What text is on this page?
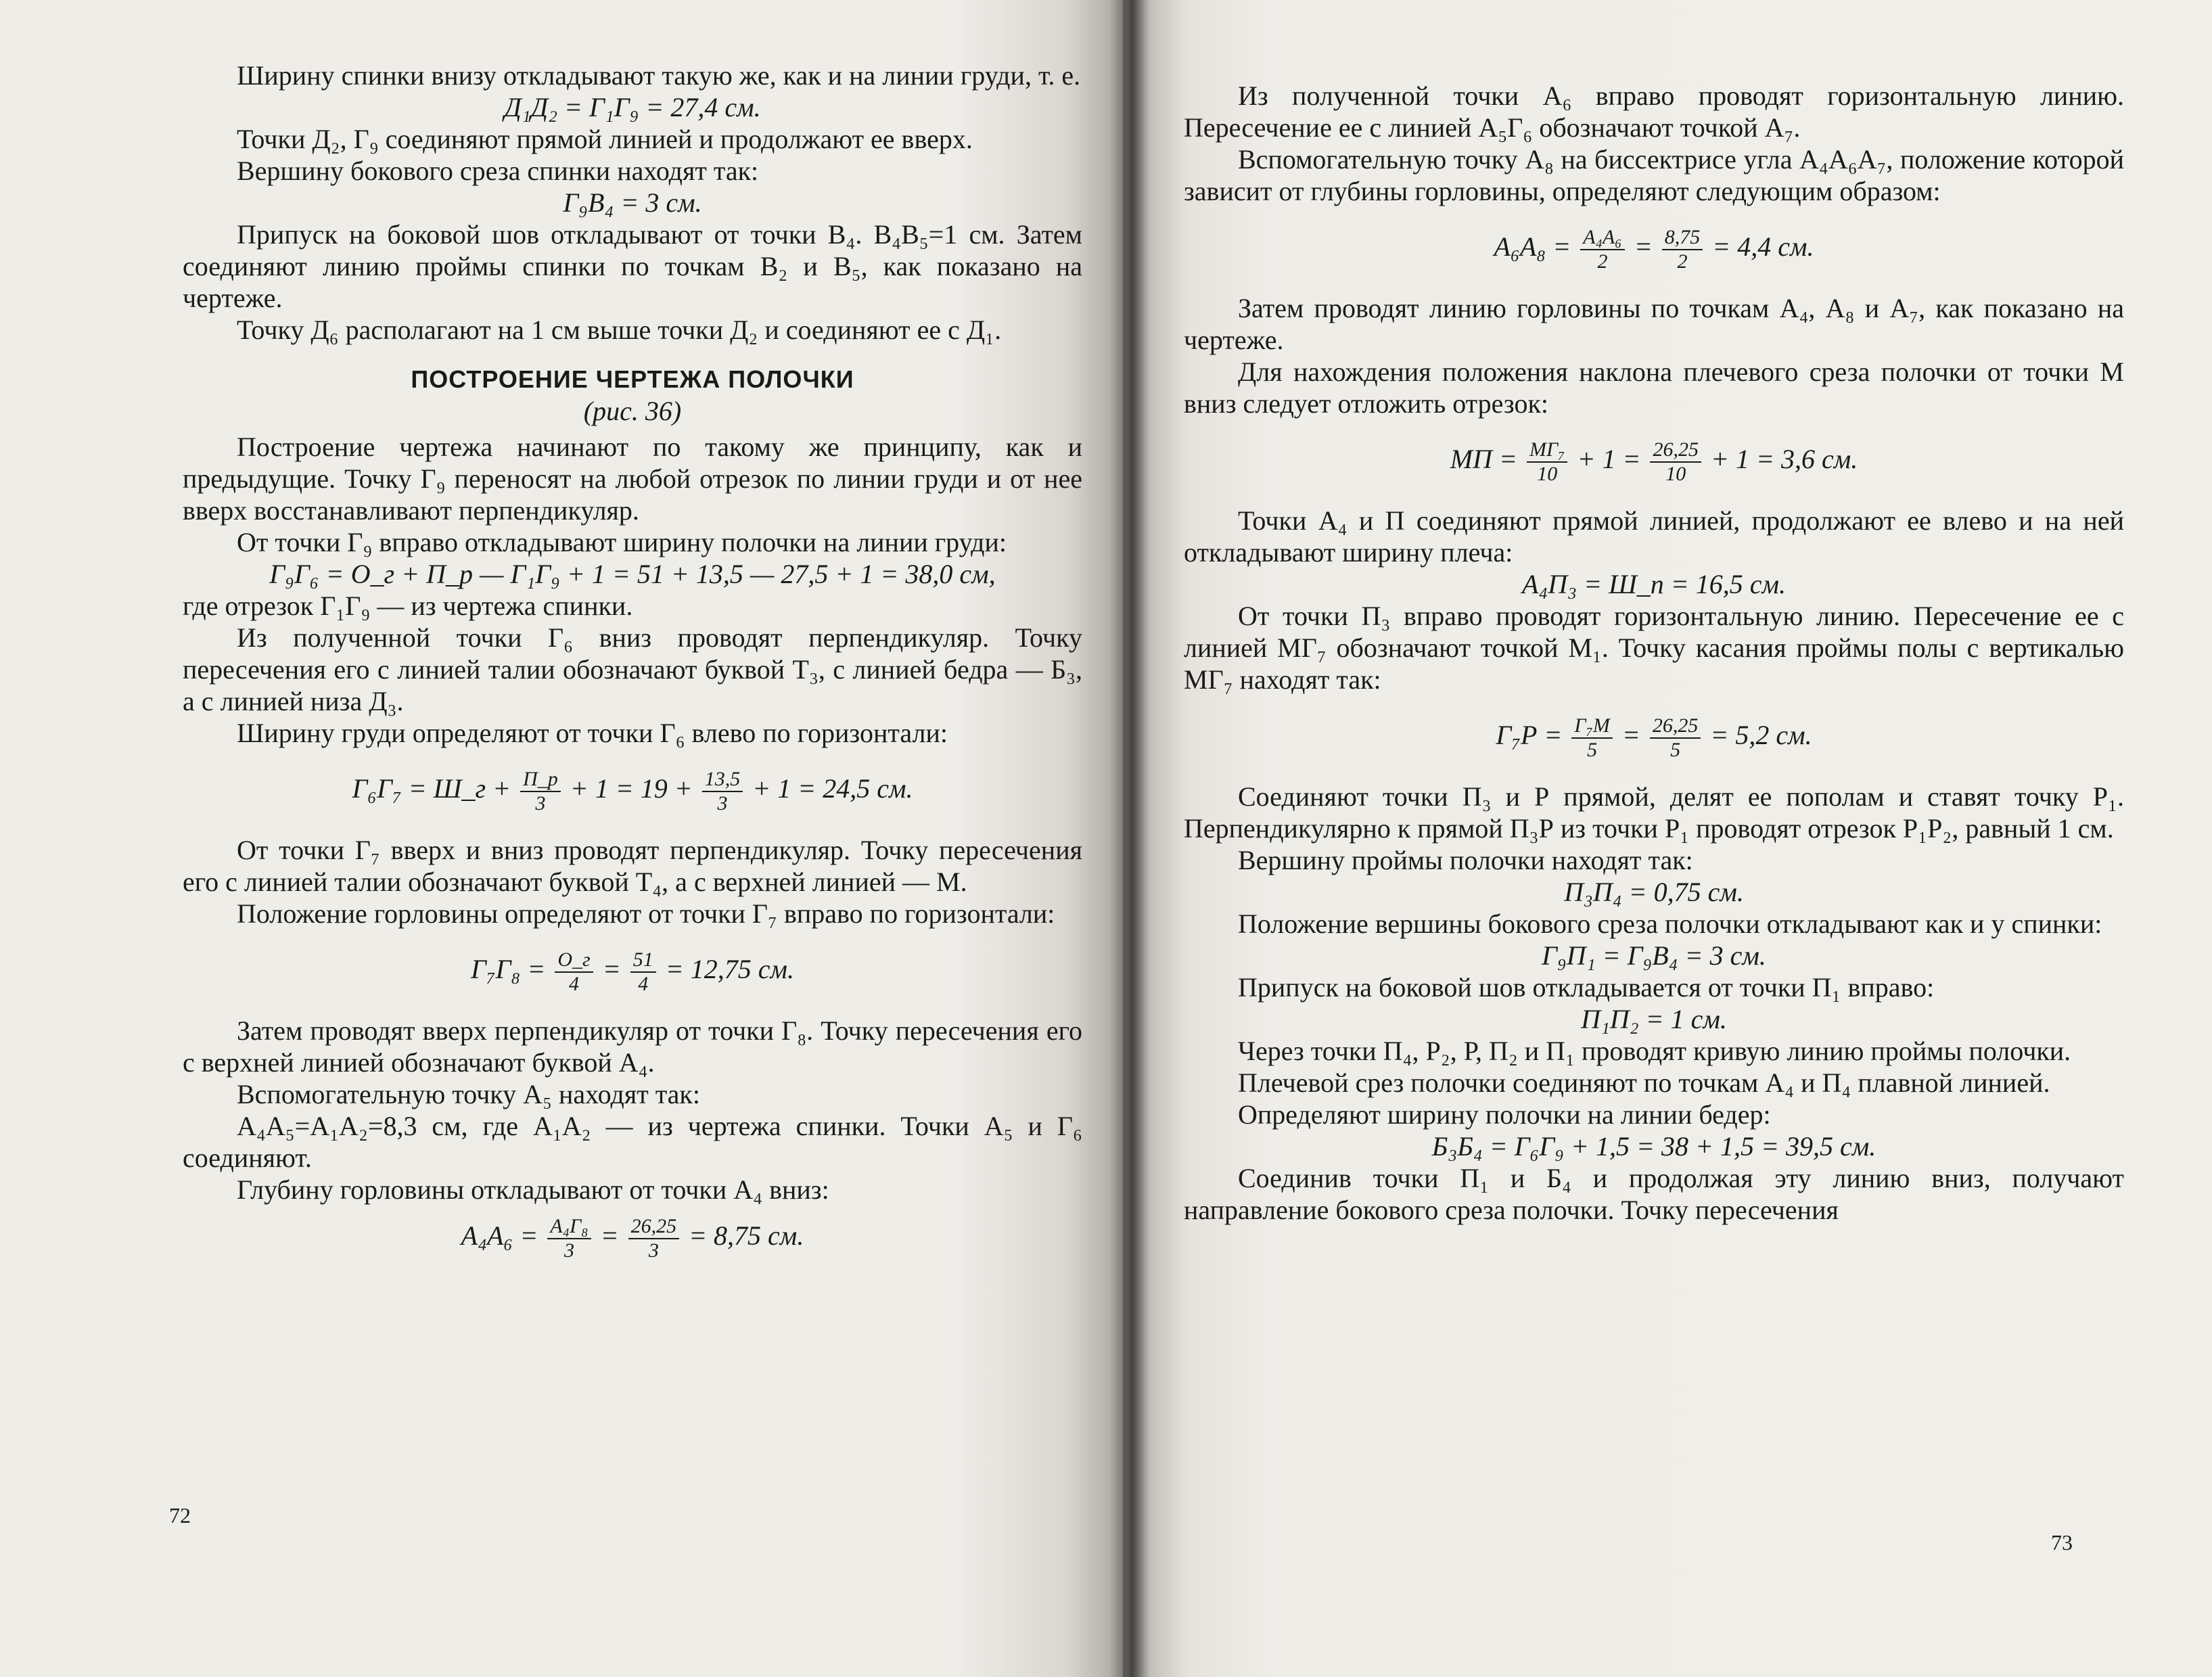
Ширину спинки внизу откладывают такую же, как и на линии груди, т. е.

Д₁Д₂ = Г₁Г₉ = 27,4 см.

Точки Д₂, Г₉ соединяют прямой линией и продолжают ее вверх.

Вершину бокового среза спинки находят так:

Г₉В₄ = 3 см.

Припуск на боковой шов откладывают от точки В₄. В₄В₅=1 см. Затем соединяют линию проймы спинки по точкам В₂ и В₅, как показано на чертеже.

Точку Д₆ располагают на 1 см выше точки Д₂ и соединяют ее с Д₁.

ПОСТРОЕНИЕ ЧЕРТЕЖА ПОЛОЧКИ

(рис. 36)

Построение чертежа начинают по такому же принципу, как и предыдущие. Точку Г₉ переносят на любой отрезок по линии груди и от нее вверх восстанавливают перпендикуляр.

От точки Г₉ вправо откладывают ширину полочки на линии груди:

Г₉Г₆ = О_г + П_р — Г₁Г₉ + 1 = 51 + 13,5 — 27,5 + 1 = 38,0 см,

где отрезок Г₁Г₉ — из чертежа спинки.

Из полученной точки Г₆ вниз проводят перпендикуляр. Точку пересечения его с линией талии обозначают буквой Т₃, с линией бедра — Б₃, а с линией низа Д₃.

Ширину груди определяют от точки Г₆ влево по горизонтали:

Г₆Г₇ = Ш_г + $\frac{П\_р}{3} + 1 = 19 + \frac{13,5}{3} + 1 = 24,5$ см.

От точки Г₇ вверх и вниз проводят перпендикуляр. Точку пересечения его с линией талии обозначают буквой Т₄, а с верхней линией — М.

Положение горловины определяют от точки Г₇ вправо по горизонтали:

$Г_7Г_8 = \frac{О\_г}{4} = \frac{51}{4} = 12,75$ см.

Затем проводят вверх перпендикуляр от точки Г₈. Точку пересечения его с верхней линией обозначают буквой А₄.

Вспомогательную точку А₅ находят так:

А₄А₅=А₁А₂=8,3 см, где А₁А₂ — из чертежа спинки. Точки А₅ и Г₆ соединяют.

Глубину горловины откладывают от точки А₄ вниз:

$А_4А_6 = \frac{\text{А₄Г₈}}{3} = \frac{26,25}{3} = 8,75$ см.
72

Из полученной точки А₆ вправо проводят горизонтальную линию. Пересечение ее с линией А₅Г₆ обозначают точкой А₇.

Вспомогательную точку А₈ на биссектрисе угла А₄А₆А₇, положение которой зависит от глубины горловины, определяют следующим образом:

$А_6А_8 = \frac{\text{А₄А₆}}{2} = \frac{8,75}{2} = 4,4$ см.

Затем проводят линию горловины по точкам А₄, А₈ и А₇, как показано на чертеже.

Для нахождения положения наклона плечевого среза полочки от точки М вниз следует отложить отрезок:

МП = $\frac{\text{МГ₇}}{10} + 1 = \frac{26,25}{10} + 1 = 3,6$ см.

Точки А₄ и П соединяют прямой линией, продолжают ее влево и на ней откладывают ширину плеча:

А₄П₃ = Ш_п = 16,5 см.

От точки П₃ вправо проводят горизонтальную линию. Пересечение ее с линией МГ₇ обозначают точкой М₁. Точку касания проймы полы с вертикалью МГ₇ находят так:

$Г_7Р = \frac{\text{Г₇М}}{5} = \frac{26,25}{5} = 5,2$ см.

Соединяют точки П₃ и Р прямой, делят ее пополам и ставят точку Р₁. Перпендикулярно к прямой П₃Р из точки Р₁ проводят отрезок Р₁Р₂, равный 1 см.

Вершину проймы полочки находят так:

П₃П₄ = 0,75 см.

Положение вершины бокового среза полочки откладывают как и у спинки:

Г₉П₁ = Г₉В₄ = 3 см.

Припуск на боковой шов откладывается от точки П₁ вправо:

П₁П₂ = 1 см.

Через точки П₄, Р₂, Р, П₂ и П₁ проводят кривую линию проймы полочки.

Плечевой срез полочки соединяют по точкам А₄ и П₄ плавной линией.

Определяют ширину полочки на линии бедер:

Б₃Б₄ = Г₆Г₉ + 1,5 = 38 + 1,5 = 39,5 см.

Соединив точки П₁ и Б₄ и продолжая эту линию вниз, получают направление бокового среза полочки. Точку пересечения

73
